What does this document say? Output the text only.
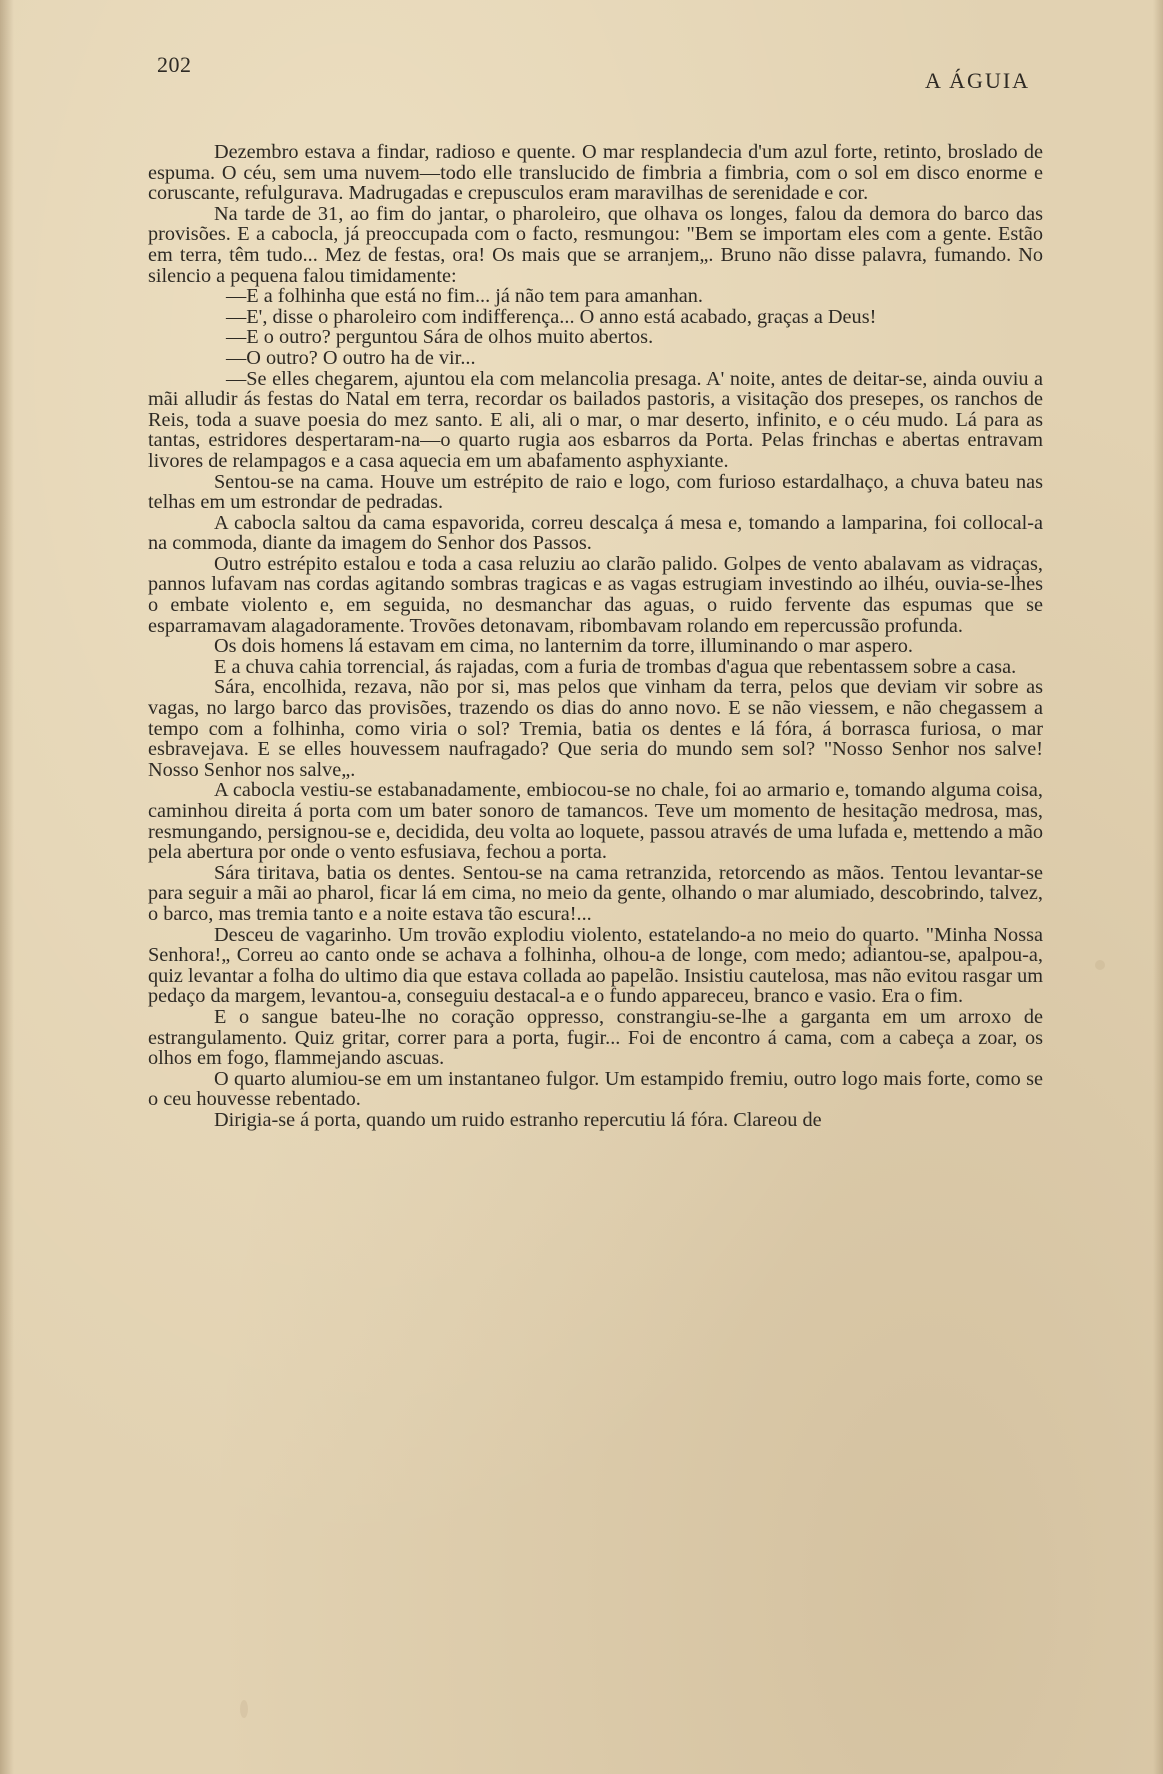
202
A ÁGUIA

Dezembro estava a findar, radioso e quente. O mar resplandecia d'um azul forte, retinto, broslado de espuma. O céu, sem uma nuvem—todo elle translucido de fimbria a fimbria, com o sol em disco enorme e coruscante, refulgurava. Madrugadas e crepusculos eram maravilhas de serenidade e cor.

Na tarde de 31, ao fim do jantar, o pharoleiro, que olhava os longes, falou da demora do barco das provisões. E a cabocla, já preoccupada com o facto, resmungou: "Bem se importam eles com a gente. Estão em terra, têm tudo... Mez de festas, ora! Os mais que se arranjem„. Bruno não disse palavra, fumando. No silencio a pequena falou timidamente:

—E a folhinha que está no fim... já não tem para amanhan.

—E', disse o pharoleiro com indifferença... O anno está acabado, graças a Deus!

—E o outro? perguntou Sára de olhos muito abertos.

—O outro? O outro ha de vir...

—Se elles chegarem, ajuntou ela com melancolia presaga. A' noite, antes de deitar-se, ainda ouviu a mãi alludir ás festas do Natal em terra, recordar os bailados pastoris, a visitação dos presepes, os ranchos de Reis, toda a suave poesia do mez santo. E ali, ali o mar, o mar deserto, infinito, e o céu mudo. Lá para as tantas, estridores despertaram-na—o quarto rugia aos esbarros da Porta. Pelas frinchas e abertas entravam livores de relampagos e a casa aquecia em um abafamento asphyxiante.

Sentou-se na cama. Houve um estrépito de raio e logo, com furioso estardalhaço, a chuva bateu nas telhas em um estrondar de pedradas.

A cabocla saltou da cama espavorida, correu descalça á mesa e, tomando a lamparina, foi collocal-a na commoda, diante da imagem do Senhor dos Passos.

Outro estrépito estalou e toda a casa reluziu ao clarão palido. Golpes de vento abalavam as vidraças, pannos lufavam nas cordas agitando sombras tragicas e as vagas estrugiam investindo ao ilhéu, ouvia-se-lhes o embate violento e, em seguida, no desmanchar das aguas, o ruido fervente das espumas que se esparramavam alagadoramente. Trovões detonavam, ribombavam rolando em repercussão profunda.

Os dois homens lá estavam em cima, no lanternim da torre, illuminando o mar aspero.

E a chuva cahia torrencial, ás rajadas, com a furia de trombas d'agua que rebentassem sobre a casa.

Sára, encolhida, rezava, não por si, mas pelos que vinham da terra, pelos que deviam vir sobre as vagas, no largo barco das provisões, trazendo os dias do anno novo. E se não viessem, e não chegassem a tempo com a folhinha, como viria o sol? Tremia, batia os dentes e lá fóra, á borrasca furiosa, o mar esbravejava. E se elles houvessem naufragado? Que seria do mundo sem sol? "Nosso Senhor nos salve! Nosso Senhor nos salve„.

A cabocla vestiu-se estabanadamente, embiocou-se no chale, foi ao armario e, tomando alguma coisa, caminhou direita á porta com um bater sonoro de tamancos. Teve um momento de hesitação medrosa, mas, resmungando, persignou-se e, decidida, deu volta ao loquete, passou através de uma lufada e, mettendo a mão pela abertura por onde o vento esfusiava, fechou a porta.

Sára tiritava, batia os dentes. Sentou-se na cama retranzida, retorcendo as mãos. Tentou levantar-se para seguir a mãi ao pharol, ficar lá em cima, no meio da gente, olhando o mar alumiado, descobrindo, talvez, o barco, mas tremia tanto e a noite estava tão escura!...

Desceu de vagarinho. Um trovão explodiu violento, estatelando-a no meio do quarto. "Minha Nossa Senhora!„ Correu ao canto onde se achava a folhinha, olhou-a de longe, com medo; adiantou-se, apalpou-a, quiz levantar a folha do ultimo dia que estava collada ao papelão. Insistiu cautelosa, mas não evitou rasgar um pedaço da margem, levantou-a, conseguiu destacal-a e o fundo appareceu, branco e vasio. Era o fim.

E o sangue bateu-lhe no coração oppresso, constrangiu-se-lhe a garganta em um arroxo de estrangulamento. Quiz gritar, correr para a porta, fugir... Foi de encontro á cama, com a cabeça a zoar, os olhos em fogo, flammejando ascuas.

O quarto alumiou-se em um instantaneo fulgor. Um estampido fremiu, outro logo mais forte, como se o ceu houvesse rebentado.

Dirigia-se á porta, quando um ruido estranho repercutiu lá fóra. Clareou de
